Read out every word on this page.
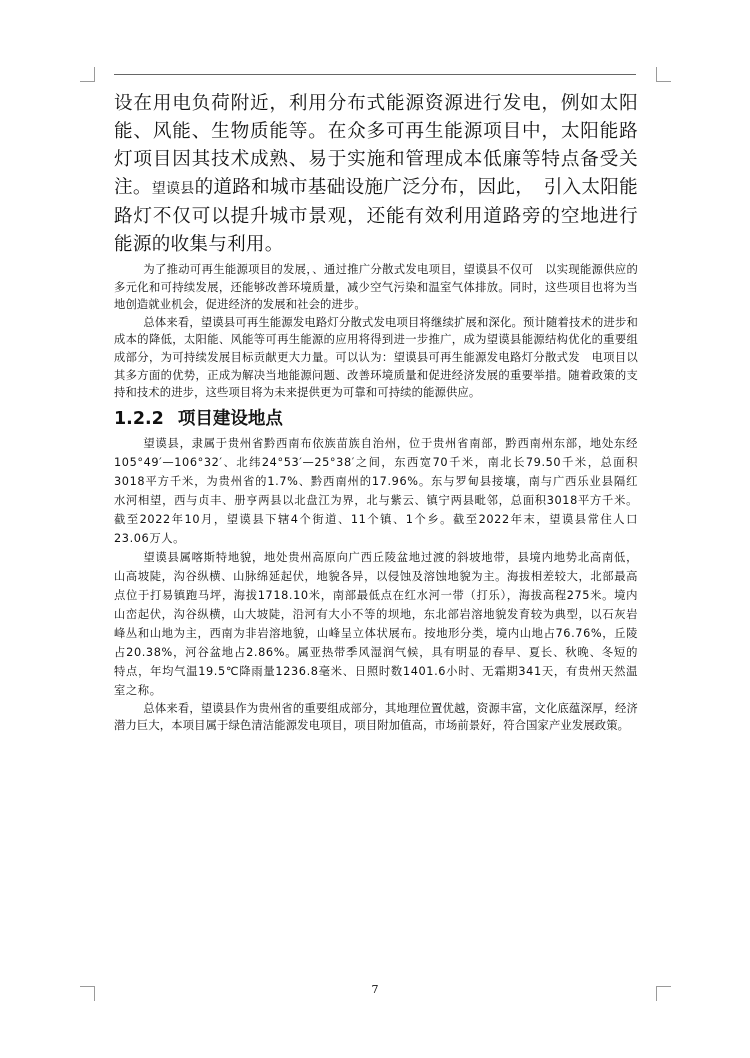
设在用电负荷附近，利用分布式能源资源进行发电，例如太阳能、风能、生物质能等。在众多可再生能源项目中，太阳能路灯项目因其技术成熟、易于实施和管理成本低廉等特点备受关注。望谟县的道路和城市基础设施广泛分布，因此，　引入太阳能路灯不仅可以提升城市景观，还能有效利用道路旁的空地进行能源的收集与利用。

为了推动可再生能源项目的发展，、通过推广分散式发电项目，望谟县不仅可　以实现能源供应的多元化和可持续发展，还能够改善环境质量，减少空气污染和温室气体排放。同时，这些项目也将为当地创造就业机会，促进经济的发展和社会的进步。

总体来看，望谟县可再生能源发电路灯分散式发电项目将继续扩展和深化。预计随着技术的进步和成本的降低，太阳能、风能等可再生能源的应用将得到进一步推广，成为望谟县能源结构优化的重要组成部分，为可持续发展目标贡献更大力量。可以认为：望谟县可再生能源发电路灯分散式发　电项目以其多方面的优势，正成为解决当地能源问题、改善环境质量和促进经济发展的重要举措。随着政策的支持和技术的进步，这些项目将为未来提供更为可靠和可持续的能源供应。

1.2.2 项目建设地点

望谟县，隶属于贵州省黔西南布依族苗族自治州，位于贵州省南部，黔西南州东部，地处东经105°49′—106°32′、北纬24°53′—25°38′之间，东西宽70千米，南北长79.50千米，总面积3018平方千米，为贵州省的1.7%、黔西南州的17.96%。东与罗甸县接壤，南与广西乐业县隔红水河相望，西与贞丰、册亨两县以北盘江为界，北与紫云、镇宁两县毗邻，总面积3018平方千米。截至2022年10月，望谟县下辖4个街道、11个镇、1个乡。截至2022年末，望谟县常住人口23.06万人。

望谟县属喀斯特地貌，地处贵州高原向广西丘陵盆地过渡的斜坡地带，县境内地势北高南低，山高坡陡，沟谷纵横、山脉绵延起伏，地貌各异，以侵蚀及溶蚀地貌为主。海拔相差较大，北部最高点位于打易镇跑马坪，海拔1718.10米，南部最低点在红水河一带（打乐），海拔高程275米。境内山峦起伏，沟谷纵横，山大坡陡，沿河有大小不等的坝地，东北部岩溶地貌发育较为典型，以石灰岩峰丛和山地为主，西南为非岩溶地貌，山峰呈立体状展布。按地形分类，境内山地占76.76%，丘陵占20.38%，河谷盆地占2.86%。属亚热带季风湿润气候，具有明显的春早、夏长、秋晚、冬短的特点，年均气温19.5℃降雨量1236.8毫米、日照时数1401.6小时、无霜期341天，有贵州天然温室之称。

总体来看，望谟县作为贵州省的重要组成部分，其地理位置优越，资源丰富，文化底蕴深厚，经济潜力巨大，本项目属于绿色清洁能源发电项目，项目附加值高，市场前景好，符合国家产业发展政策。

7
